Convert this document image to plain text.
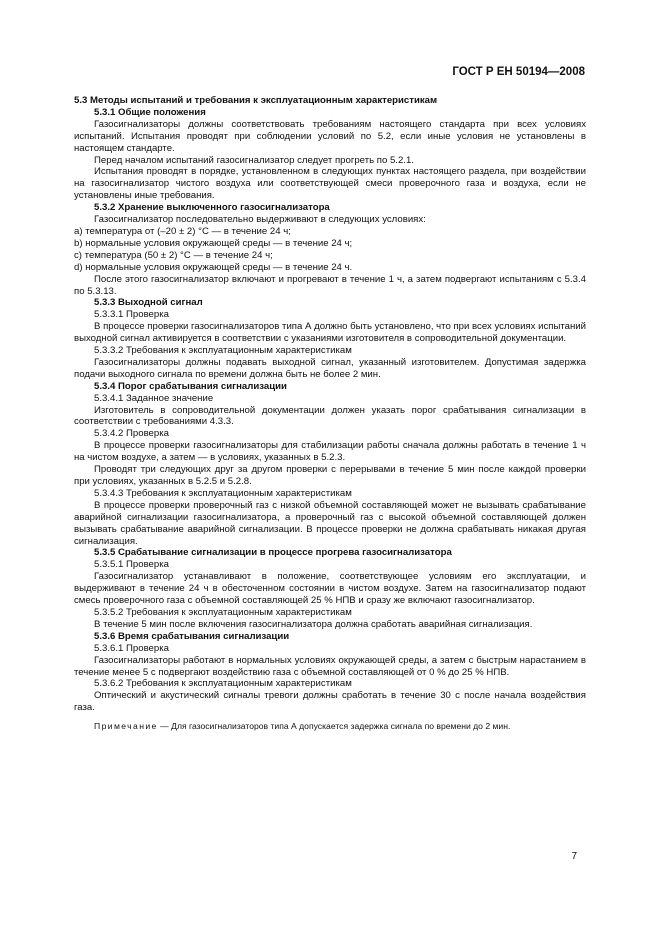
ГОСТ Р ЕН 50194—2008

5.3 Методы испытаний и требования к эксплуатационным характеристикам

5.3.1 Общие положения

Газосигнализаторы должны соответствовать требованиям настоящего стандарта при всех условиях испытаний. Испытания проводят при соблюдении условий по 5.2, если иные условия не установлены в настоящем стандарте.

Перед началом испытаний газосигнализатор следует прогреть по 5.2.1.

Испытания проводят в порядке, установленном в следующих пунктах настоящего раздела, при воздействии на газосигнализатор чистого воздуха или соответствующей смеси проверочного газа и воздуха, если не установлены иные требования.

5.3.2 Хранение выключенного газосигнализатора

Газосигнализатор последовательно выдерживают в следующих условиях:

a) температура от (–20 ± 2) °С — в течение 24 ч;

b) нормальные условия окружающей среды — в течение 24 ч;

c) температура (50 ± 2) °С — в течение 24 ч;

d) нормальные условия окружающей среды — в течение 24 ч.

После этого газосигнализатор включают и прогревают в течение 1 ч, а затем подвергают испытаниям с 5.3.4 по 5.3.13.

5.3.3 Выходной сигнал

5.3.3.1 Проверка

В процессе проверки газосигнализаторов типа А должно быть установлено, что при всех условиях испытаний выходной сигнал активируется в соответствии с указаниями изготовителя в сопроводительной документации.

5.3.3.2 Требования к эксплуатационным характеристикам

Газосигнализаторы должны подавать выходной сигнал, указанный изготовителем. Допустимая задержка подачи выходного сигнала по времени должна быть не более 2 мин.

5.3.4 Порог срабатывания сигнализации

5.3.4.1 Заданное значение

Изготовитель в сопроводительной документации должен указать порог срабатывания сигнализации в соответствии с требованиями 4.3.3.

5.3.4.2 Проверка

В процессе проверки газосигнализаторы для стабилизации работы сначала должны работать в течение 1 ч на чистом воздухе, а затем — в условиях, указанных в 5.2.3.

Проводят три следующих друг за другом проверки с перерывами в течение 5 мин после каждой проверки при условиях, указанных в 5.2.5 и 5.2.8.

5.3.4.3 Требования к эксплуатационным характеристикам

В процессе проверки проверочный газ с низкой объемной составляющей может не вызывать срабатывание аварийной сигнализации газосигнализатора, а проверочный газ с высокой объемной составляющей должен вызывать срабатывание аварийной сигнализации. В процессе проверки не должна срабатывать никакая другая сигнализация.

5.3.5 Срабатывание сигнализации в процессе прогрева газосигнализатора

5.3.5.1 Проверка

Газосигнализатор устанавливают в положение, соответствующее условиям его эксплуатации, и выдерживают в течение 24 ч в обесточенном состоянии в чистом воздухе. Затем на газосигнализатор подают смесь проверочного газа с объемной составляющей 25 % НПВ и сразу же включают газосигнализатор.

5.3.5.2 Требования к эксплуатационным характеристикам

В течение 5 мин после включения газосигнализатора должна сработать аварийная сигнализация.

5.3.6 Время срабатывания сигнализации

5.3.6.1 Проверка

Газосигнализаторы работают в нормальных условиях окружающей среды, а затем с быстрым нарастанием в течение менее 5 с подвергают воздействию газа с объемной составляющей от 0 % до 25 % НПВ.

5.3.6.2 Требования к эксплуатационным характеристикам

Оптический и акустический сигналы тревоги должны сработать в течение 30 с после начала воздействия газа.

Примечание — Для газосигнализаторов типа А допускается задержка сигнала по времени до 2 мин.

7
